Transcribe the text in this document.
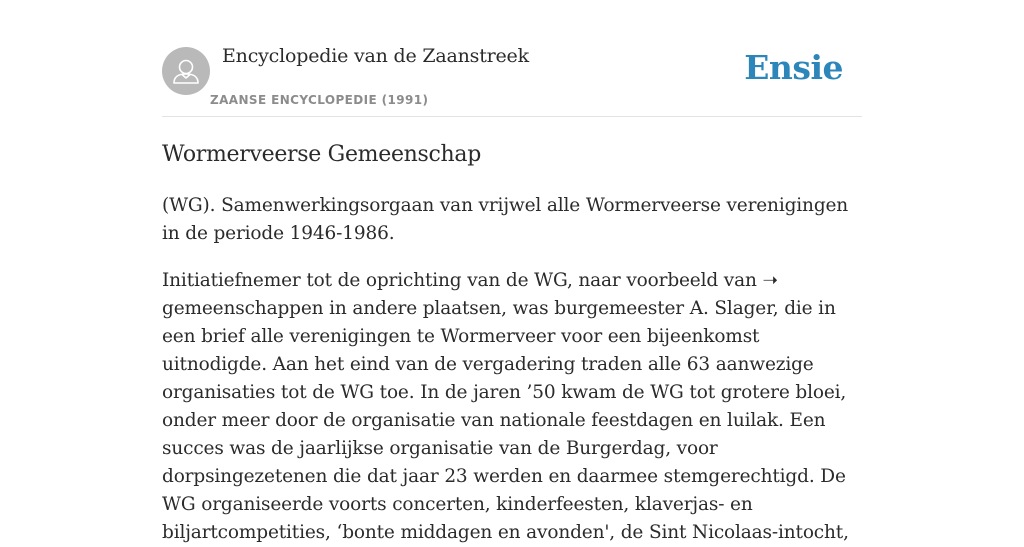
Encyclopedie van de Zaanstreek
ZAANSE ENCYCLOPEDIE (1991)
Ensie
Wormerveerse Gemeenschap

(WG). Samenwerkingsorgaan van vrijwel alle Wormerveerse verenigingen in de periode 1946-1986.

Initiatiefnemer tot de oprichting van de WG, naar voorbeeld van ➝ gemeenschappen in andere plaatsen, was burgemeester A. Slager, die in een brief alle verenigingen te Wormerveer voor een bijeenkomst uitnodigde. Aan het eind van de vergadering traden alle 63 aanwezige organisaties tot de WG toe. In de jaren ’50 kwam de WG tot grotere bloei, onder meer door de organisatie van nationale feestdagen en luilak. Een succes was de jaarlijkse organisatie van de Burgerdag, voor dorpsingezetenen die dat jaar 23 werden en daarmee stemgerechtigd. De WG organiseerde voorts concerten, kinderfeesten, klaverjas- en biljartcompetities, ‘bonte middagen en avonden', de Sint Nicolaas-intocht,
